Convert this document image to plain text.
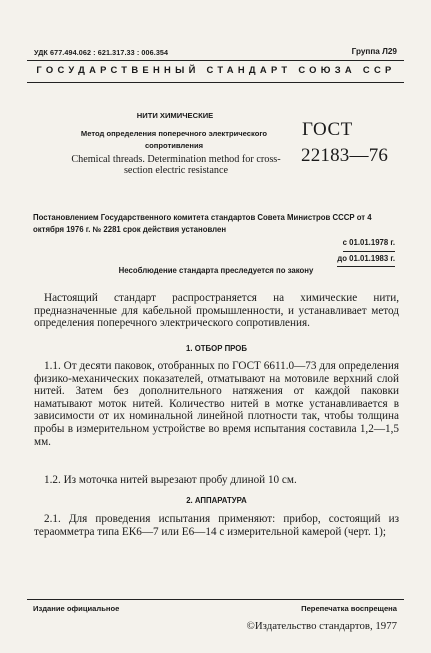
УДК 677.494.062 : 621.317.33 : 006.354	Группа Л29
ГОСУДАРСТВЕННЫЙ СТАНДАРТ СОЮЗА ССР
НИТИ ХИМИЧЕСКИЕ
Метод определения поперечного электрического сопротивления
Chemical threads. Determination method for cross-section electric resistance
ГОСТ
22183—76
Постановлением Государственного комитета стандартов Совета Министров СССР от 4 октября 1976 г. № 2281 срок действия установлен
с 01.01.1978 г.
до 01.01.1983 г.
Несоблюдение стандарта преследуется по закону
Настоящий стандарт распространяется на химические нити, предназначенные для кабельной промышленности, и устанавливает метод определения поперечного электрического сопротивления.
1. ОТБОР ПРОБ
1.1. От десяти паковок, отобранных по ГОСТ 6611.0—73 для определения физико-механических показателей, отматывают на мотовиле верхний слой нитей. Затем без дополнительного натяжения от каждой паковки наматывают моток нитей. Количество нитей в мотке устанавливается в зависимости от их номинальной линейной плотности так, чтобы толщина пробы в измерительном устройстве во время испытания составила 1,2—1,5 мм.
1.2. Из моточка нитей вырезают пробу длиной 10 см.
2. АППАРАТУРА
2.1. Для проведения испытания применяют: прибор, состоящий из тераомметра типа ЕК6—7 или Е6—14 с измерительной камерой (черт. 1);
Издание официальное	Перепечатка воспрещена
©Издательство стандартов, 1977
